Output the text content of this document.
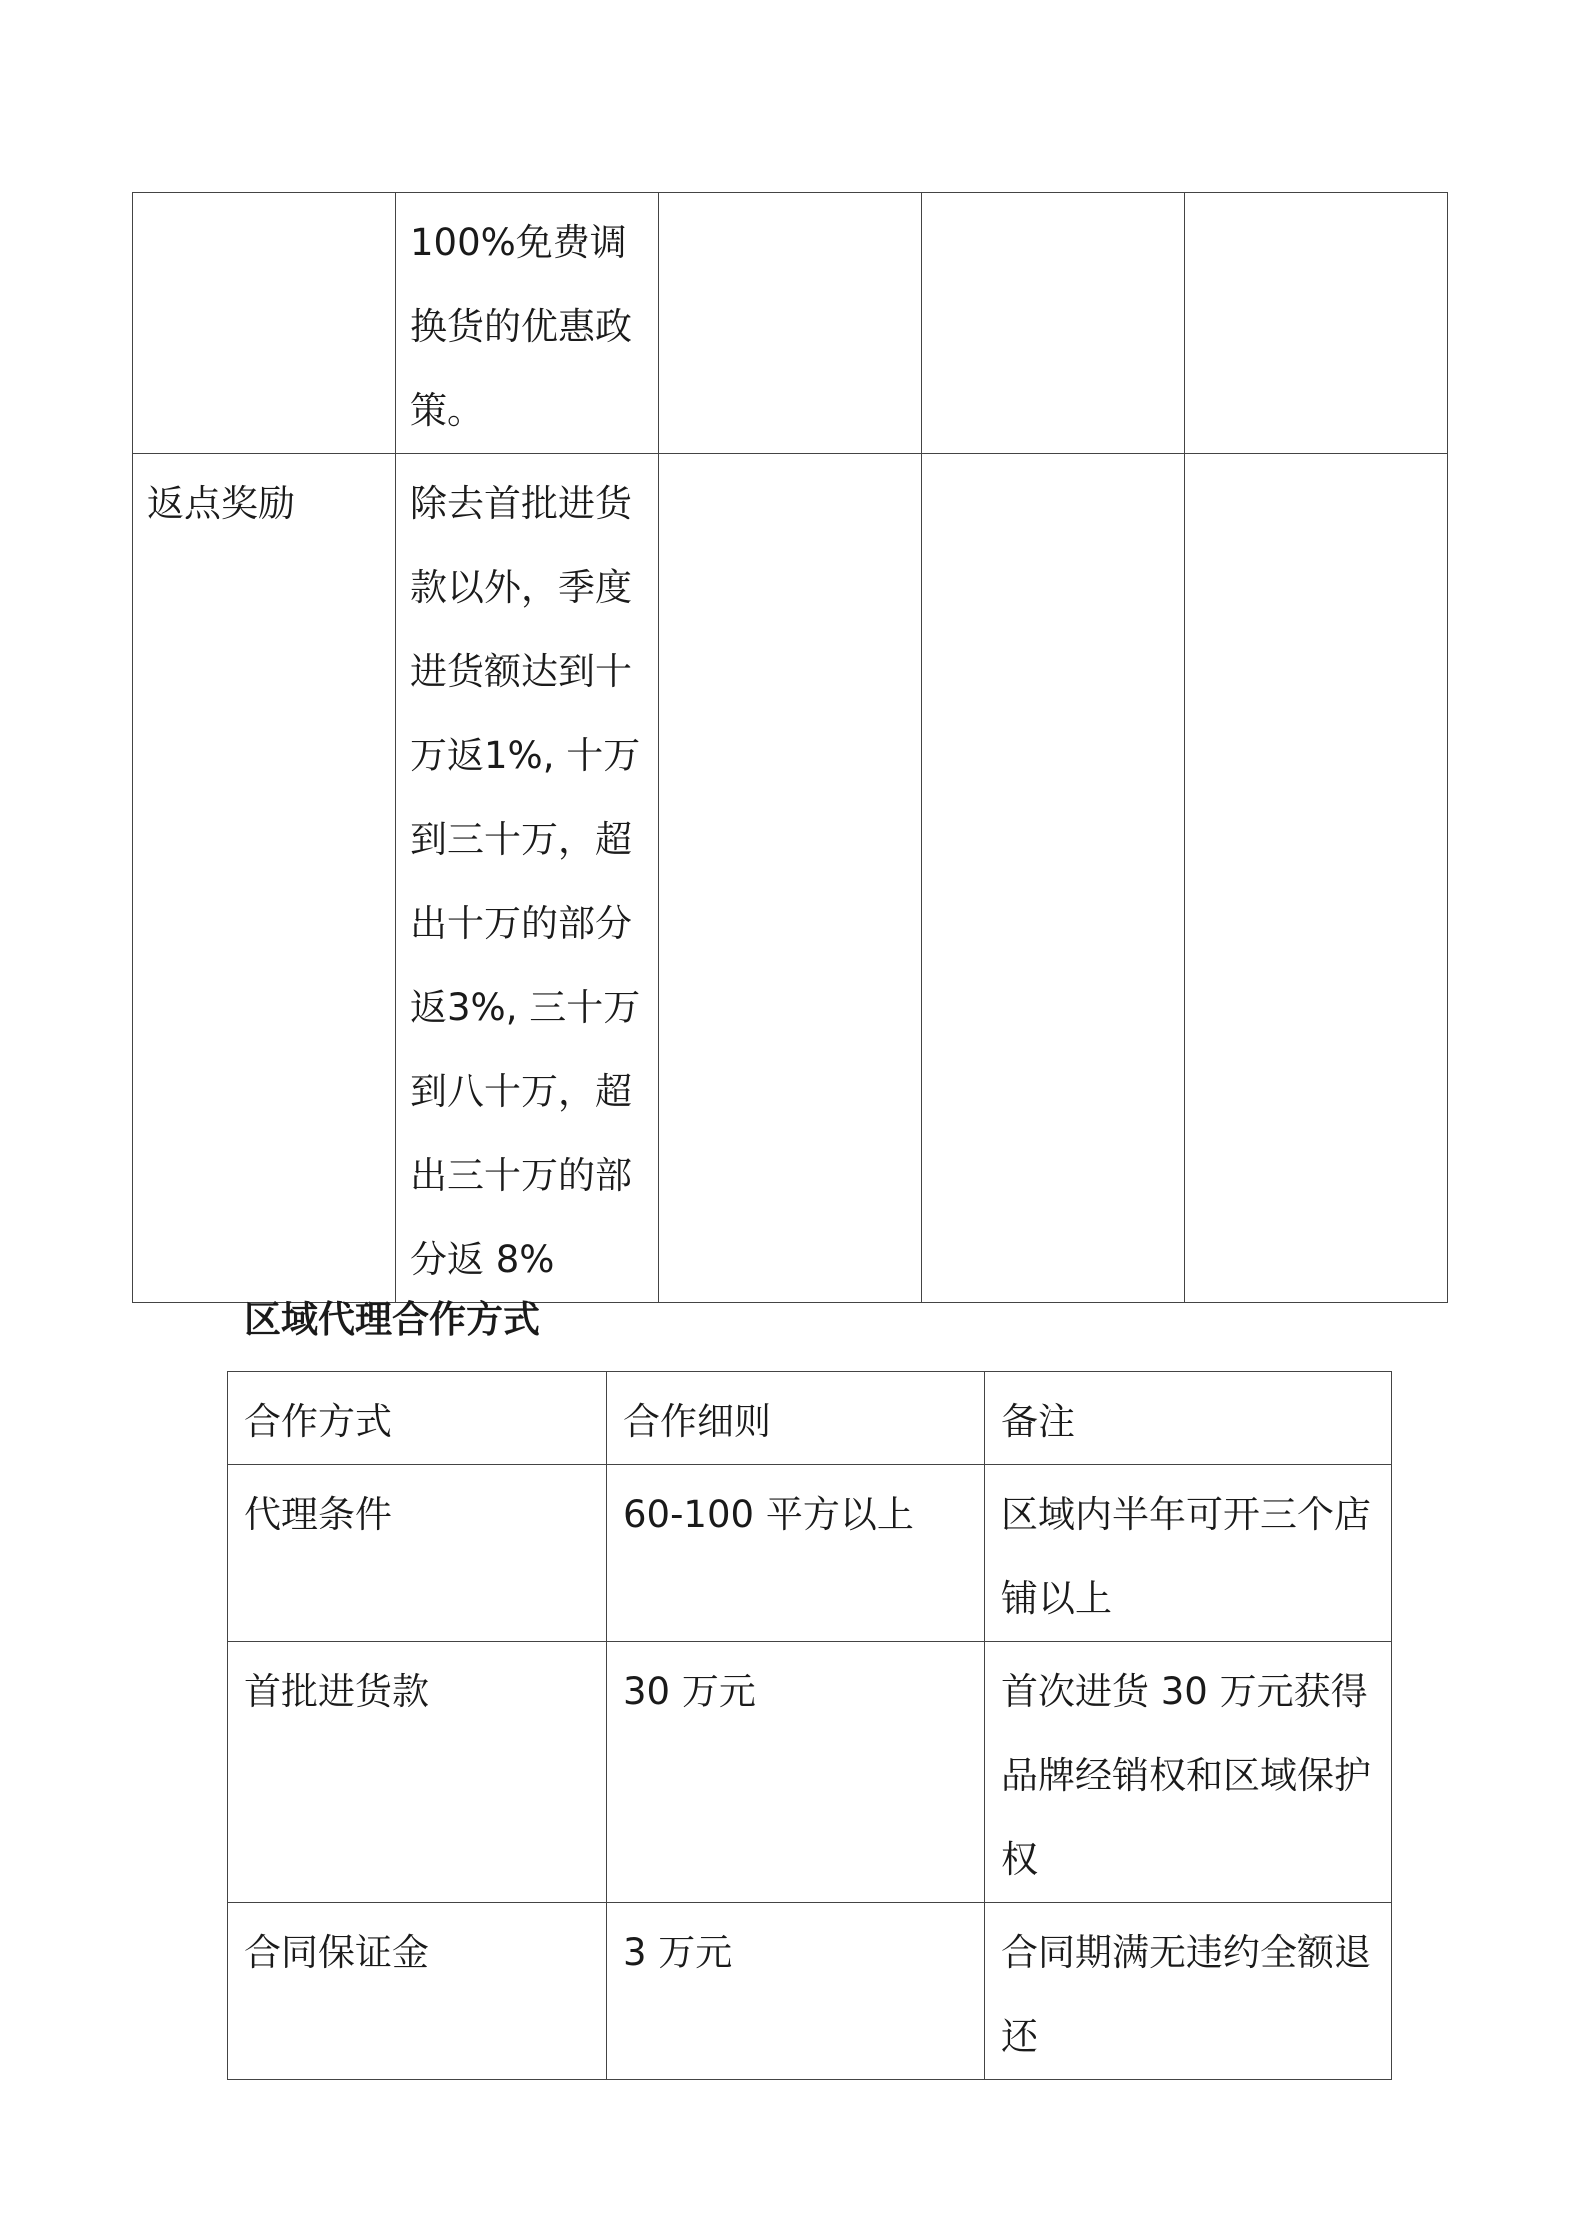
	100%免费调换货的优惠政策。			

返点奖励	除去首批进货款以外，季度进货额达到十万返1%, 十万到三十万，超出十万的部分返3%, 三十万到八十万，超出三十万的部分返 8%			

区域代理合作方式
合作方式	合作细则	备注

代理条件	60-100 平方以上	区域内半年可开三个店铺以上

首批进货款	30 万元	首次进货 30 万元获得品牌经销权和区域保护权

合同保证金	3 万元	合同期满无违约全额退还
